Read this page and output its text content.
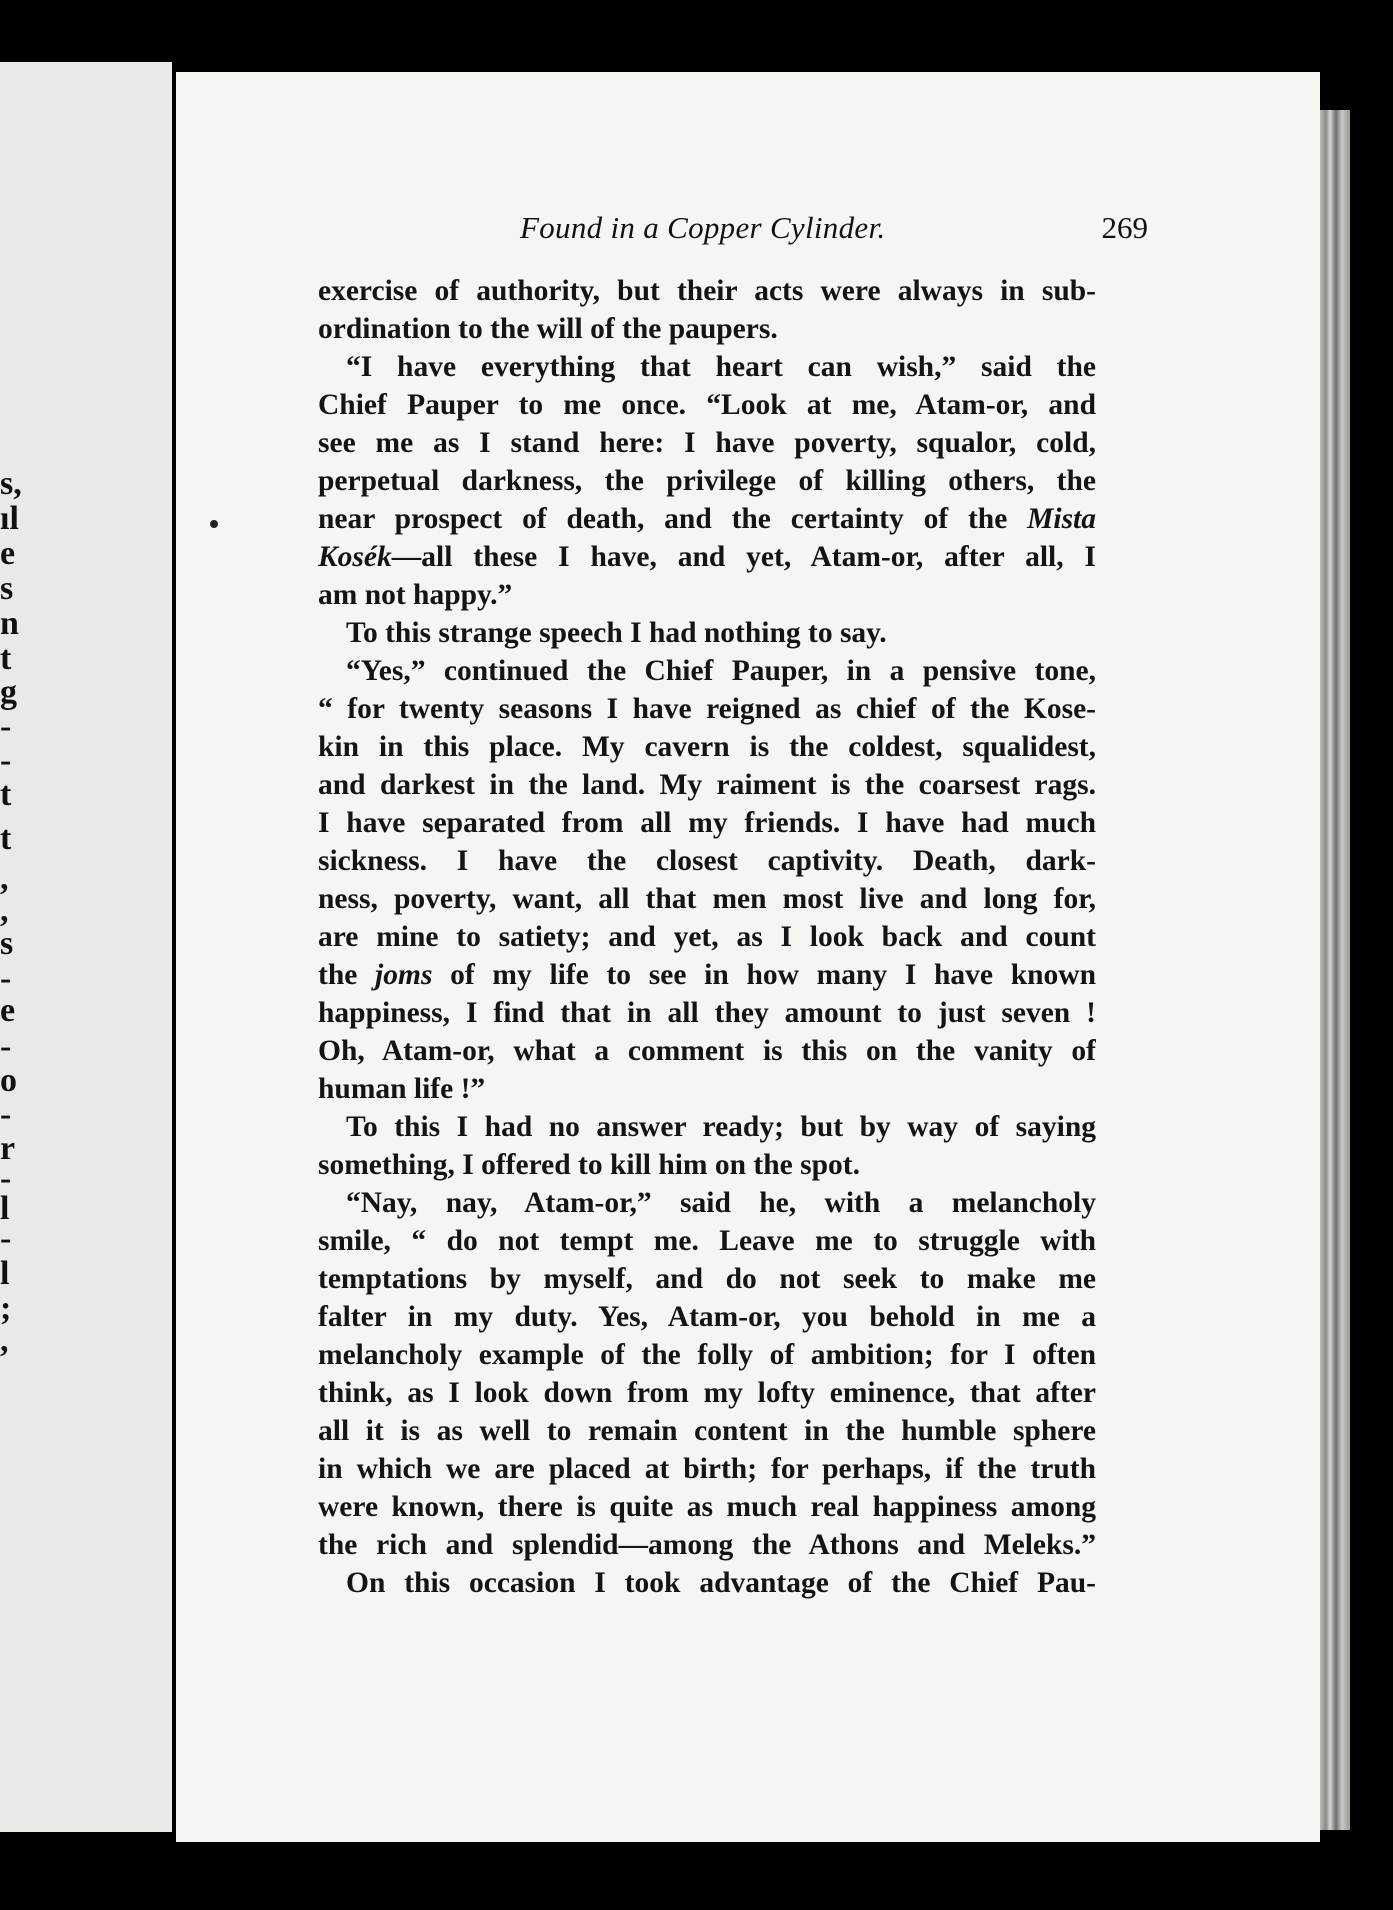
s,
ıl
e
s
n
t
g
-
-
t
t
,
,
s
-
e
-
o
-
r
-
l
-
l
;
,
Found in a Copper Cylinder.	269
exercise of authority, but their acts were always in sub-
ordination to the will of the paupers.
“I have everything that heart can wish,” said the
Chief Pauper to me once. “Look at me, Atam-or, and
see me as I stand here: I have poverty, squalor, cold,
perpetual darkness, the privilege of killing others, the
near prospect of death, and the certainty of the Mista
Kosék—all these I have, and yet, Atam-or, after all, I
am not happy.”
To this strange speech I had nothing to say.
“Yes,” continued the Chief Pauper, in a pensive tone,
“ for twenty seasons I have reigned as chief of the Kose-
kin in this place. My cavern is the coldest, squalidest,
and darkest in the land. My raiment is the coarsest rags.
I have separated from all my friends. I have had much
sickness. I have the closest captivity. Death, dark-
ness, poverty, want, all that men most live and long for,
are mine to satiety; and yet, as I look back and count
the joms of my life to see in how many I have known
happiness, I find that in all they amount to just seven !
Oh, Atam-or, what a comment is this on the vanity of
human life !”
To this I had no answer ready; but by way of saying
something, I offered to kill him on the spot.
“Nay, nay, Atam-or,” said he, with a melancholy
smile, “ do not tempt me. Leave me to struggle with
temptations by myself, and do not seek to make me
falter in my duty. Yes, Atam-or, you behold in me a
melancholy example of the folly of ambition; for I often
think, as I look down from my lofty eminence, that after
all it is as well to remain content in the humble sphere
in which we are placed at birth; for perhaps, if the truth
were known, there is quite as much real happiness among
the rich and splendid—among the Athons and Meleks.”
On this occasion I took advantage of the Chief Pau-
